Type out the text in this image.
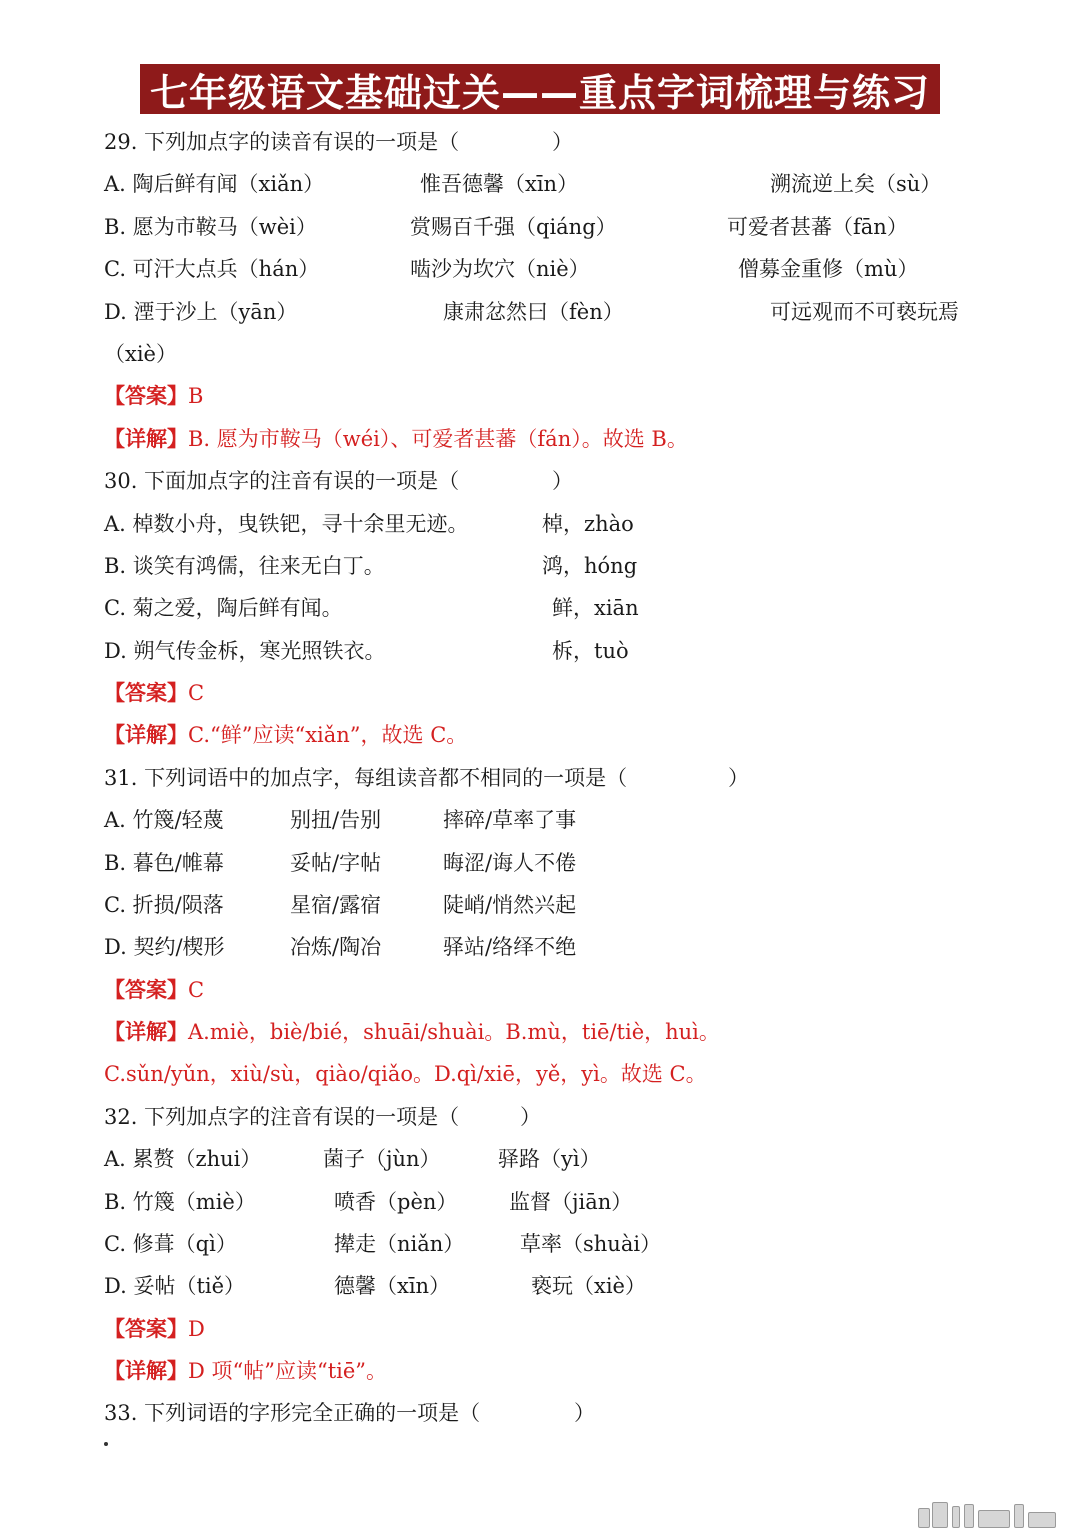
七年级语文基础过关——重点字词梳理与练习
29. 下列加点字的读音有误的一项是（	）
A. 陶后鲜有闻（xiǎn）	惟吾德馨（xīn）	溯流逆上矣（sù）
B. 愿为市鞍马（wèi）	赏赐百千强（qiáng）	可爱者甚蕃（fān）
C. 可汗大点兵（hán）	啮沙为坎穴（niè）	僧募金重修（mù）
D. 湮于沙上（yān）	康肃忿然曰（fèn）	可远观而不可亵玩焉
（xiè）
【答案】B
【详解】B. 愿为市鞍马（wéi）、可爱者甚蕃（fán）。故选 B。
30. 下面加点字的注音有误的一项是（	）
A. 棹数小舟，曳铁钯，寻十余里无迹。	棹，zhào
B. 谈笑有鸿儒，往来无白丁。	鸿，hóng
C. 菊之爱，陶后鲜有闻。	鲜，xiān
D. 朔气传金柝，寒光照铁衣。	柝，tuò
【答案】C
【详解】C.“鲜”应读“xiǎn”，故选 C。
31. 下列词语中的加点字，每组读音都不相同的一项是（	）
A. 竹篾/轻蔑	别扭/告别	摔碎/草率了事
B. 暮色/帷幕	妥帖/字帖	晦涩/诲人不倦
C. 折损/陨落	星宿/露宿	陡峭/悄然兴起
D. 契约/楔形	冶炼/陶冶	驿站/络绎不绝
【答案】C
【详解】A.miè，biè/bié，shuāi/shuài。B.mù，tiē/tiè，huì。
C.sǔn/yǔn，xiù/sù，qiào/qiǎo。D.qì/xiē，yě，yì。故选 C。
32. 下列加点字的注音有误的一项是（	）
A. 累赘（zhui）	菌子（jùn）	驿路（yì）
B. 竹篾（miè）	喷香（pèn） 监督（jiān）
C. 修葺（qì）	撵走（niǎn）	草率（shuài）
D. 妥帖（tiě）	德馨（xīn）	亵玩（xiè）
【答案】D
【详解】D 项“帖”应读“tiē”。
33. 下列词语的字形完全正确的一项是（	）
